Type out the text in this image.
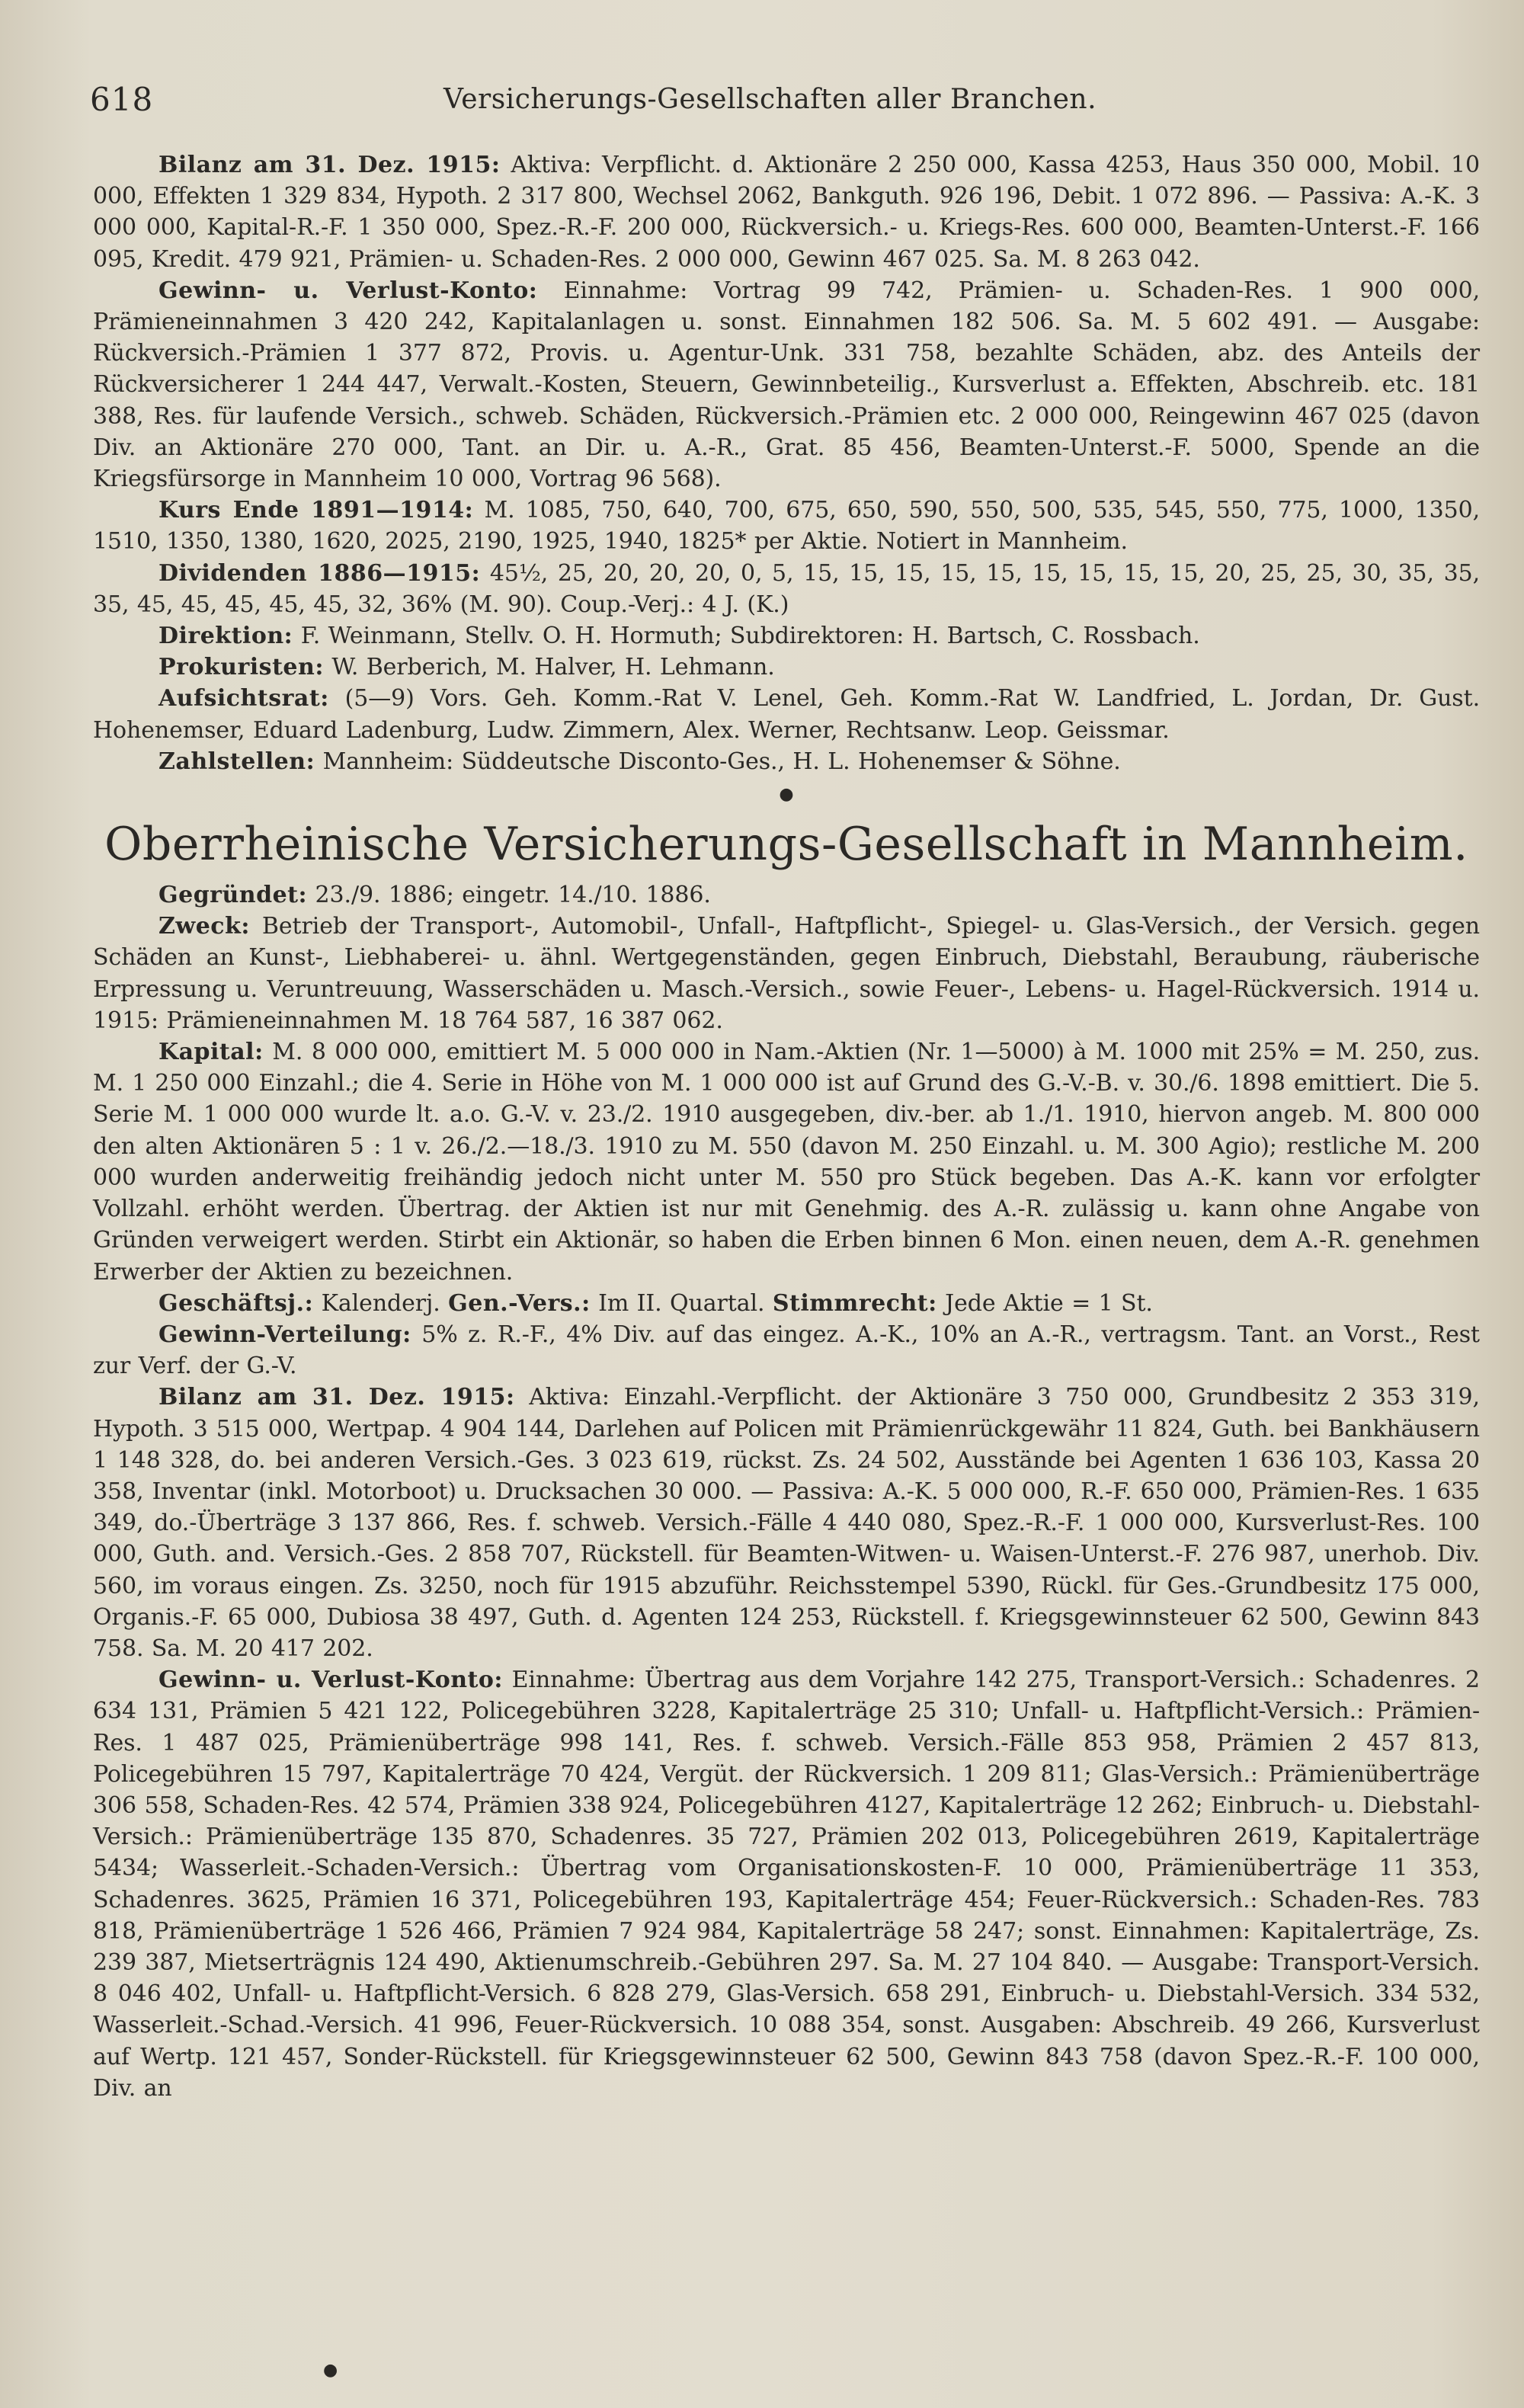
618	Versicherungs-Gesellschaften aller Branchen.

Bilanz am 31. Dez. 1915: Aktiva: Verpflicht. d. Aktionäre 2 250 000, Kassa 4253, Haus 350 000, Mobil. 10 000, Effekten 1 329 834, Hypoth. 2 317 800, Wechsel 2062, Bankguth. 926 196, Debit. 1 072 896. — Passiva: A.-K. 3 000 000, Kapital-R.-F. 1 350 000, Spez.-R.-F. 200 000, Rückversich.- u. Kriegs-Res. 600 000, Beamten-Unterst.-F. 166 095, Kredit. 479 921, Prämien- u. Schaden-Res. 2 000 000, Gewinn 467 025. Sa. M. 8 263 042.

Gewinn- u. Verlust-Konto: Einnahme: Vortrag 99 742, Prämien- u. Schaden-Res. 1 900 000, Prämieneinnahmen 3 420 242, Kapitalanlagen u. sonst. Einnahmen 182 506. Sa. M. 5 602 491. — Ausgabe: Rückversich.-Prämien 1 377 872, Provis. u. Agentur-Unk. 331 758, bezahlte Schäden, abz. des Anteils der Rückversicherer 1 244 447, Verwalt.-Kosten, Steuern, Gewinnbeteilig., Kursverlust a. Effekten, Abschreib. etc. 181 388, Res. für laufende Versich., schweb. Schäden, Rückversich.-Prämien etc. 2 000 000, Reingewinn 467 025 (davon Div. an Aktionäre 270 000, Tant. an Dir. u. A.-R., Grat. 85 456, Beamten-Unterst.-F. 5000, Spende an die Kriegsfürsorge in Mannheim 10 000, Vortrag 96 568).

Kurs Ende 1891—1914: M. 1085, 750, 640, 700, 675, 650, 590, 550, 500, 535, 545, 550, 775, 1000, 1350, 1510, 1350, 1380, 1620, 2025, 2190, 1925, 1940, 1825* per Aktie. Notiert in Mannheim.

Dividenden 1886—1915: 45½, 25, 20, 20, 20, 0, 5, 15, 15, 15, 15, 15, 15, 15, 15, 15, 20, 25, 25, 30, 35, 35, 35, 45, 45, 45, 45, 45, 32, 36% (M. 90). Coup.-Verj.: 4 J. (K.)

Direktion: F. Weinmann, Stellv. O. H. Hormuth; Subdirektoren: H. Bartsch, C. Rossbach.

Prokuristen: W. Berberich, M. Halver, H. Lehmann.

Aufsichtsrat: (5—9) Vors. Geh. Komm.-Rat V. Lenel, Geh. Komm.-Rat W. Landfried, L. Jordan, Dr. Gust. Hohenemser, Eduard Ladenburg, Ludw. Zimmern, Alex. Werner, Rechtsanw. Leop. Geissmar.

Zahlstellen: Mannheim: Süddeutsche Disconto-Ges., H. L. Hohenemser & Söhne.

●
Oberrheinische Versicherungs-Gesellschaft in Mannheim.

Gegründet: 23./9. 1886; eingetr. 14./10. 1886.

Zweck: Betrieb der Transport-, Automobil-, Unfall-, Haftpflicht-, Spiegel- u. Glas-Versich., der Versich. gegen Schäden an Kunst-, Liebhaberei- u. ähnl. Wertgegenständen, gegen Einbruch, Diebstahl, Beraubung, räuberische Erpressung u. Veruntreuung, Wasserschäden u. Masch.-Versich., sowie Feuer-, Lebens- u. Hagel-Rückversich. 1914 u. 1915: Prämieneinnahmen M. 18 764 587, 16 387 062.

Kapital: M. 8 000 000, emittiert M. 5 000 000 in Nam.-Aktien (Nr. 1—5000) à M. 1000 mit 25% = M. 250, zus. M. 1 250 000 Einzahl.; die 4. Serie in Höhe von M. 1 000 000 ist auf Grund des G.-V.-B. v. 30./6. 1898 emittiert. Die 5. Serie M. 1 000 000 wurde lt. a.o. G.-V. v. 23./2. 1910 ausgegeben, div.-ber. ab 1./1. 1910, hiervon angeb. M. 800 000 den alten Aktionären 5 : 1 v. 26./2.—18./3. 1910 zu M. 550 (davon M. 250 Einzahl. u. M. 300 Agio); restliche M. 200 000 wurden anderweitig freihändig jedoch nicht unter M. 550 pro Stück begeben. Das A.-K. kann vor erfolgter Vollzahl. erhöht werden. Übertrag. der Aktien ist nur mit Genehmig. des A.-R. zulässig u. kann ohne Angabe von Gründen verweigert werden. Stirbt ein Aktionär, so haben die Erben binnen 6 Mon. einen neuen, dem A.-R. genehmen Erwerber der Aktien zu bezeichnen.

Geschäftsj.: Kalenderj. Gen.-Vers.: Im II. Quartal. Stimmrecht: Jede Aktie = 1 St.

Gewinn-Verteilung: 5% z. R.-F., 4% Div. auf das eingez. A.-K., 10% an A.-R., vertragsm. Tant. an Vorst., Rest zur Verf. der G.-V.

Bilanz am 31. Dez. 1915: Aktiva: Einzahl.-Verpflicht. der Aktionäre 3 750 000, Grundbesitz 2 353 319, Hypoth. 3 515 000, Wertpap. 4 904 144, Darlehen auf Policen mit Prämienrückgewähr 11 824, Guth. bei Bankhäusern 1 148 328, do. bei anderen Versich.-Ges. 3 023 619, rückst. Zs. 24 502, Ausstände bei Agenten 1 636 103, Kassa 20 358, Inventar (inkl. Motorboot) u. Drucksachen 30 000. — Passiva: A.-K. 5 000 000, R.-F. 650 000, Prämien-Res. 1 635 349, do.-Überträge 3 137 866, Res. f. schweb. Versich.-Fälle 4 440 080, Spez.-R.-F. 1 000 000, Kursverlust-Res. 100 000, Guth. and. Versich.-Ges. 2 858 707, Rückstell. für Beamten-Witwen- u. Waisen-Unterst.-F. 276 987, unerhob. Div. 560, im voraus eingen. Zs. 3250, noch für 1915 abzuführ. Reichsstempel 5390, Rückl. für Ges.-Grundbesitz 175 000, Organis.-F. 65 000, Dubiosa 38 497, Guth. d. Agenten 124 253, Rückstell. f. Kriegsgewinnsteuer 62 500, Gewinn 843 758. Sa. M. 20 417 202.

Gewinn- u. Verlust-Konto: Einnahme: Übertrag aus dem Vorjahre 142 275, Transport-Versich.: Schadenres. 2 634 131, Prämien 5 421 122, Policegebühren 3228, Kapitalerträge 25 310; Unfall- u. Haftpflicht-Versich.: Prämien-Res. 1 487 025, Prämienüberträge 998 141, Res. f. schweb. Versich.-Fälle 853 958, Prämien 2 457 813, Policegebühren 15 797, Kapitalerträge 70 424, Vergüt. der Rückversich. 1 209 811; Glas-Versich.: Prämienüberträge 306 558, Schaden-Res. 42 574, Prämien 338 924, Policegebühren 4127, Kapitalerträge 12 262; Einbruch- u. Diebstahl-Versich.: Prämienüberträge 135 870, Schadenres. 35 727, Prämien 202 013, Policegebühren 2619, Kapitalerträge 5434; Wasserleit.-Schaden-Versich.: Übertrag vom Organisationskosten-F. 10 000, Prämienüberträge 11 353, Schadenres. 3625, Prämien 16 371, Policegebühren 193, Kapitalerträge 454; Feuer-Rückversich.: Schaden-Res. 783 818, Prämienüberträge 1 526 466, Prämien 7 924 984, Kapitalerträge 58 247; sonst. Einnahmen: Kapitalerträge, Zs. 239 387, Mietserträgnis 124 490, Aktienumschreib.-Gebühren 297. Sa. M. 27 104 840. — Ausgabe: Transport-Versich. 8 046 402, Unfall- u. Haftpflicht-Versich. 6 828 279, Glas-Versich. 658 291, Einbruch- u. Diebstahl-Versich. 334 532, Wasserleit.-Schad.-Versich. 41 996, Feuer-Rückversich. 10 088 354, sonst. Ausgaben: Abschreib. 49 266, Kursverlust auf Wertp. 121 457, Sonder-Rückstell. für Kriegsgewinnsteuer 62 500, Gewinn 843 758 (davon Spez.-R.-F. 100 000, Div. an

●
